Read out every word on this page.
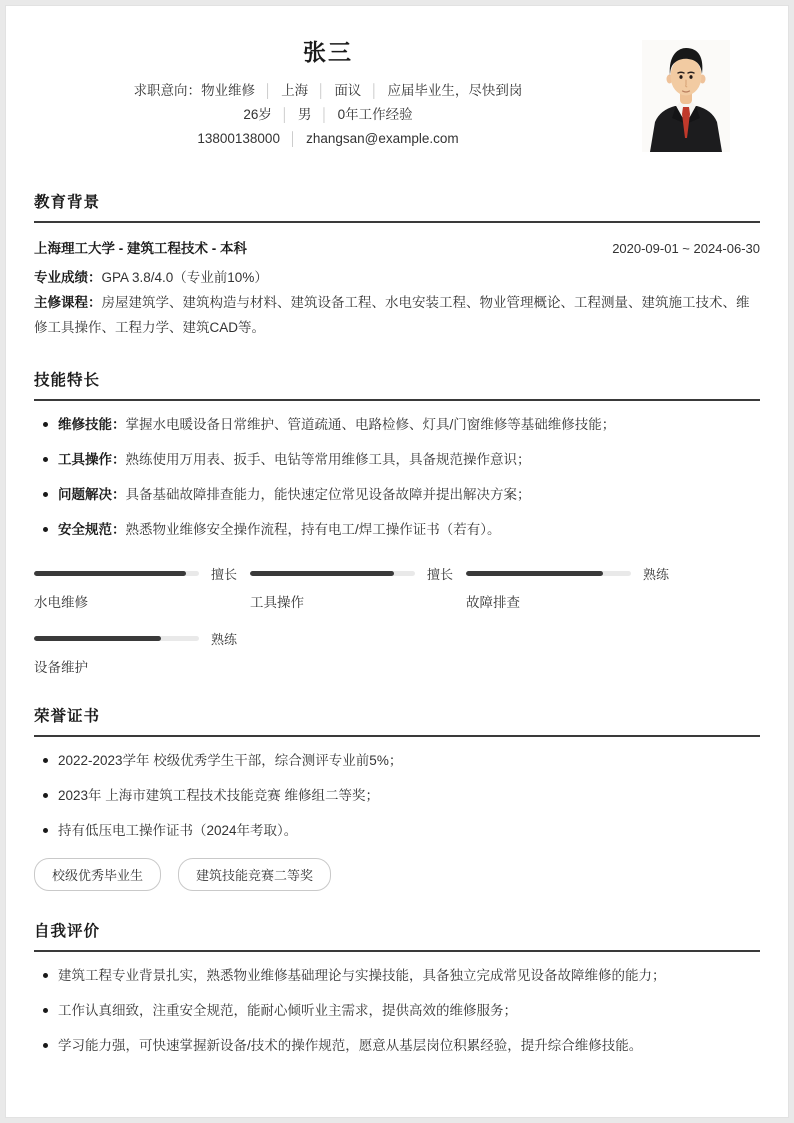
张三
求职意向：物业维修 │ 上海 │ 面议 │ 应届毕业生，尽快到岗
26岁 │ 男 │ 0年工作经验
13800138000 │ zhangsan@example.com
教育背景
上海理工大学 - 建筑工程技术 - 本科	2020-09-01 ~ 2024-06-30

专业成绩：GPA 3.8/4.0（专业前10%）

主修课程：房屋建筑学、建筑构造与材料、建筑设备工程、水电安装工程、物业管理概论、工程测量、建筑施工技术、维修工具操作、工程力学、建筑CAD等。

技能特长
维修技能：掌握水电暖设备日常维护、管道疏通、电路检修、灯具/门窗维修等基础维修技能；
工具操作：熟练使用万用表、扳手、电钻等常用维修工具，具备规范操作意识；
问题解决：具备基础故障排查能力，能快速定位常见设备故障并提出解决方案；
安全规范：熟悉物业维修安全操作流程，持有电工/焊工操作证书（若有）。
擅长
水电维修
擅长
工具操作
熟练
故障排查
熟练
设备维护
荣誉证书
2022-2023学年 校级优秀学生干部，综合测评专业前5%；
2023年 上海市建筑工程技术技能竞赛 维修组二等奖；
持有低压电工操作证书（2024年考取）。
校级优秀毕业生	建筑技能竞赛二等奖
自我评价
建筑工程专业背景扎实，熟悉物业维修基础理论与实操技能，具备独立完成常见设备故障维修的能力；
工作认真细致，注重安全规范，能耐心倾听业主需求，提供高效的维修服务；
学习能力强，可快速掌握新设备/技术的操作规范，愿意从基层岗位积累经验，提升综合维修技能。
